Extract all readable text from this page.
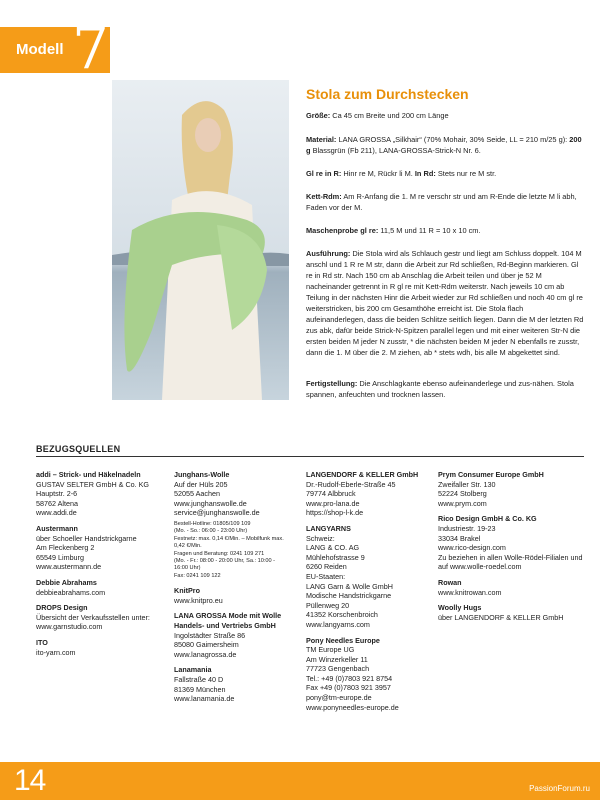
Modell 7
Stola zum Durchstecken

Größe: Ca 45 cm Breite und 200 cm Länge

Material: LANA GROSSA „Silkhair“ (70% Mohair, 30% Seide, LL = 210 m/25 g): 200 g Blassgrün (Fb 211), LANA-GROSSA-Strick-N Nr. 6.

Gl re in R: Hinr re M, Rückr li M. In Rd: Stets nur re M str.

Kett-Rdm: Am R-Anfang die 1. M re verschr str und am R-Ende die letzte M li abh, Faden vor der M.

Maschenprobe gl re: 11,5 M und 11 R = 10 x 10 cm.

Ausführung: Die Stola wird als Schlauch gestr und liegt am Schluss doppelt. 104 M anschl und 1 R re M str, dann die Arbeit zur Rd schließen, Rd-Beginn markieren. Gl re in Rd str. Nach 150 cm ab Anschlag die Arbeit teilen und über je 52 M nacheinander getrennt in R gl re mit Kett-Rdm weiterstr. Nach jeweils 10 cm ab Teilung in der nächsten Hinr die Arbeit wieder zur Rd schließen und noch 40 cm gl re weiterstricken, bis 200 cm Gesamthöhe erreicht ist. Die Stola flach aufeinanderlegen, dass die beiden Schlitze seitlich liegen. Dann die M der letzten Rd zus abk, dafür beide Strick-N-Spitzen parallel legen und mit einer weiteren Str-N die ersten beiden M jeder N zusstr, * die nächsten beiden M jeder N ebenfalls re zusstr, dann die 1. M über die 2. M ziehen, ab * stets wdh, bis alle M abgekettet sind.

Fertigstellung: Die Anschlagkante ebenso aufeinanderlege und zus-nähen. Stola spannen, anfeuchten und trocknen lassen.

BEZUGSQUELLEN
addi – Strick- und Häkelnadeln
GUSTAV SELTER GmbH & Co. KG
Hauptstr. 2-6
58762 Altena
www.addi.de
Austermann
über Schoeller Handstrickgarne
Am Fleckenberg 2
65549 Limburg
www.austermann.de
Debbie Abrahams
debbieabrahams.com
DROPS Design
Übersicht der Verkaufsstellen unter:
www.garnstudio.com
ITO
ito-yarn.com
Junghans-Wolle
Auf der Hüls 205
52055 Aachen
www.junghanswolle.de
service@junghanswolle.de
Bestell-Hotline: 01805/109 109
(Mo. - So.: 06:00 - 23:00 Uhr)
Festnetz: max. 0,14 €/Min. – Mobilfunk max.
0,42 €/Min.
Fragen und Beratung: 0241 109 271
(Mo. - Fr.: 08:00 - 20:00 Uhr, Sa.: 10:00 -
16:00 Uhr)
Fax: 0241 109 122
KnitPro
www.knitpro.eu
LANA GROSSA Mode mit Wolle Handels- und Vertriebs GmbH
Ingolstädter Straße 86
85080 Gaimersheim
www.lanagrossa.de
Lanamania
Fallstraße 40 D
81369 München
www.lanamania.de
LANGENDORF & KELLER GmbH
Dr.-Rudolf-Eberle-Straße 45
79774 Albbruck
www.pro-lana.de
https://shop-l-k.de
LANGYARNS
Schweiz:
LANG & CO. AG
Mühlehofstrasse 9
6260 Reiden
EU-Staaten:
LANG Garn & Wolle GmbH
Modische Handstrickgarne
Püllenweg 20
41352 Korschenbroich
www.langyarns.com
Pony Needles Europe
TM Europe UG
Am Winzerkeller 11
77723 Gengenbach
Tel.: +49 (0)7803 921 8754
Fax +49 (0)7803 921 3957
pony@tm-europe.de
www.ponyneedles-europe.de
Prym Consumer Europe GmbH
Zweifaller Str. 130
52224 Stolberg
www.prym.com
Rico Design GmbH & Co. KG
Industriestr. 19-23
33034 Brakel
www.rico-design.com
Zu beziehen in allen Wolle-Rödel-Filialen und auf www.wolle-roedel.com
Rowan
www.knitrowan.com
Woolly Hugs
über LANGENDORF & KELLER GmbH
14	PassionForum.ru
